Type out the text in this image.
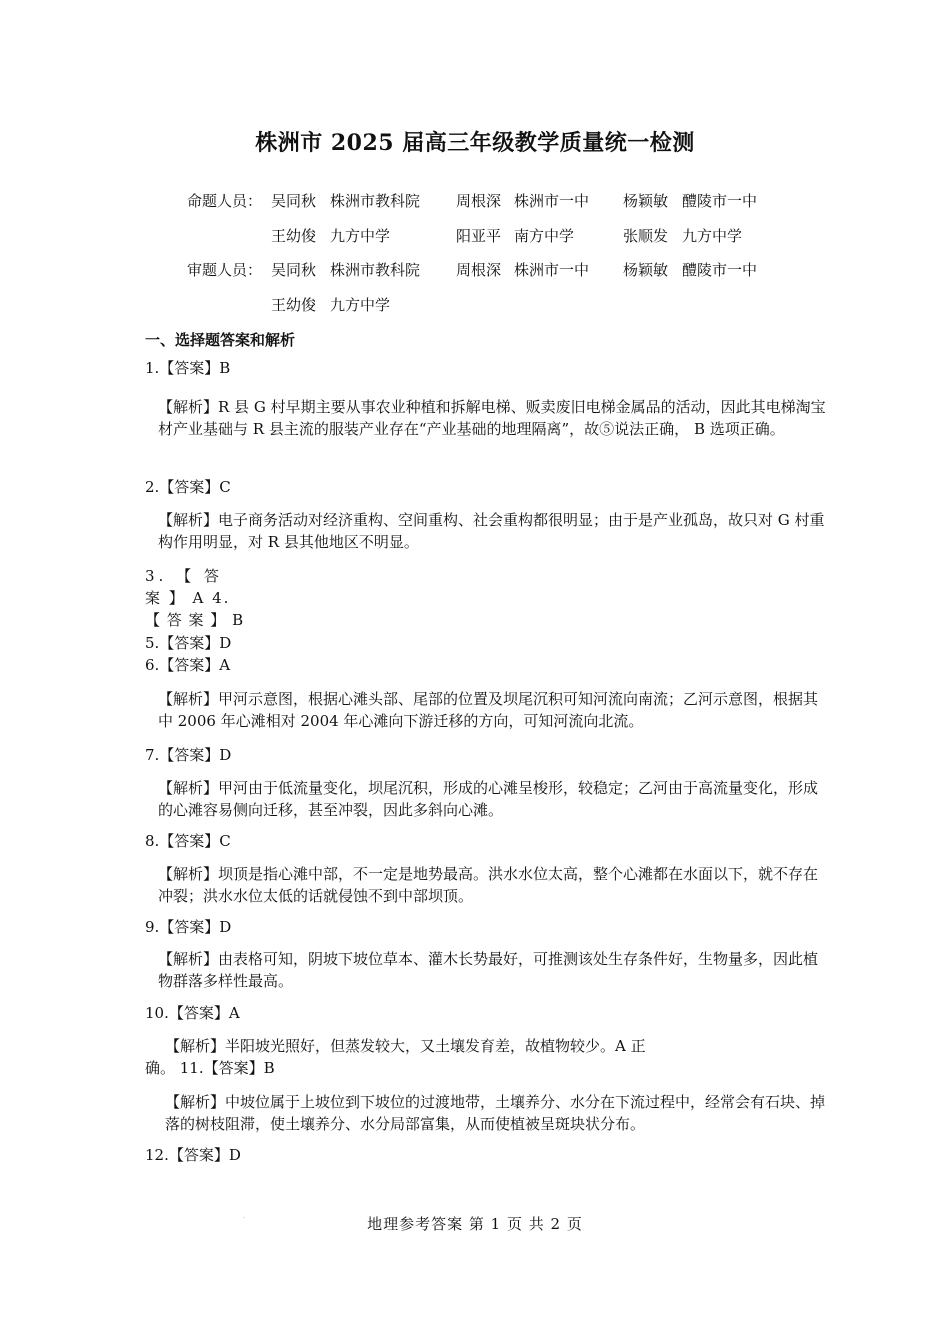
株洲市 2025 届高三年级教学质量统一检测
命题人员： 吴同秋 株洲市教科院 周根深 株洲市一中 杨颖敏 醴陵市一中
王幼俊 九方中学	阳亚平 南方中学	张顺发 九方中学
审题人员： 吴同秋 株洲市教科院 周根深 株洲市一中 杨颖敏 醴陵市一中
王幼俊 九方中学
一、选择题答案和解析
1.【答案】B
【解析】R 县 G 村早期主要从事农业种植和拆解电梯、贩卖废旧电梯金属品的活动，因此其电梯淘宝材产业基础与 R 县主流的服装产业存在“产业基础的地理隔离”，故⑤说法正确， B 选项正确。
2.【答案】C
【解析】电子商务活动对经济重构、空间重构、社会重构都很明显；由于是产业孤岛，故只对 G 村重构作用明显，对 R 县其他地区不明显。
3. 【 答
案 】 A 4.
【 答 案 】 B
5.【答案】D
6.【答案】A
【解析】甲河示意图，根据心滩头部、尾部的位置及坝尾沉积可知河流向南流；乙河示意图，根据其中 2006 年心滩相对 2004 年心滩向下游迁移的方向，可知河流向北流。
7.【答案】D
【解析】甲河由于低流量变化，坝尾沉积，形成的心滩呈梭形，较稳定；乙河由于高流量变化，形成的心滩容易侧向迁移，甚至冲裂，因此多斜向心滩。
8.【答案】C
【解析】坝顶是指心滩中部，不一定是地势最高。洪水水位太高，整个心滩都在水面以下，就不存在冲裂；洪水水位太低的话就侵蚀不到中部坝顶。
9.【答案】D
【解析】由表格可知，阴坡下坡位草本、灌木长势最好，可推测该处生存条件好，生物量多，因此植物群落多样性最高。
10.【答案】A
【解析】半阳坡光照好，但蒸发较大，又土壤发育差，故植物较少。A 正
确。 11.【答案】B
【解析】中坡位属于上坡位到下坡位的过渡地带，土壤养分、水分在下流过程中，经常会有石块、掉落的树枝阻滞，使土壤养分、水分局部富集，从而使植被呈斑块状分布。
12.【答案】D
.	地理参考答案 第 1 页 共 2 页
